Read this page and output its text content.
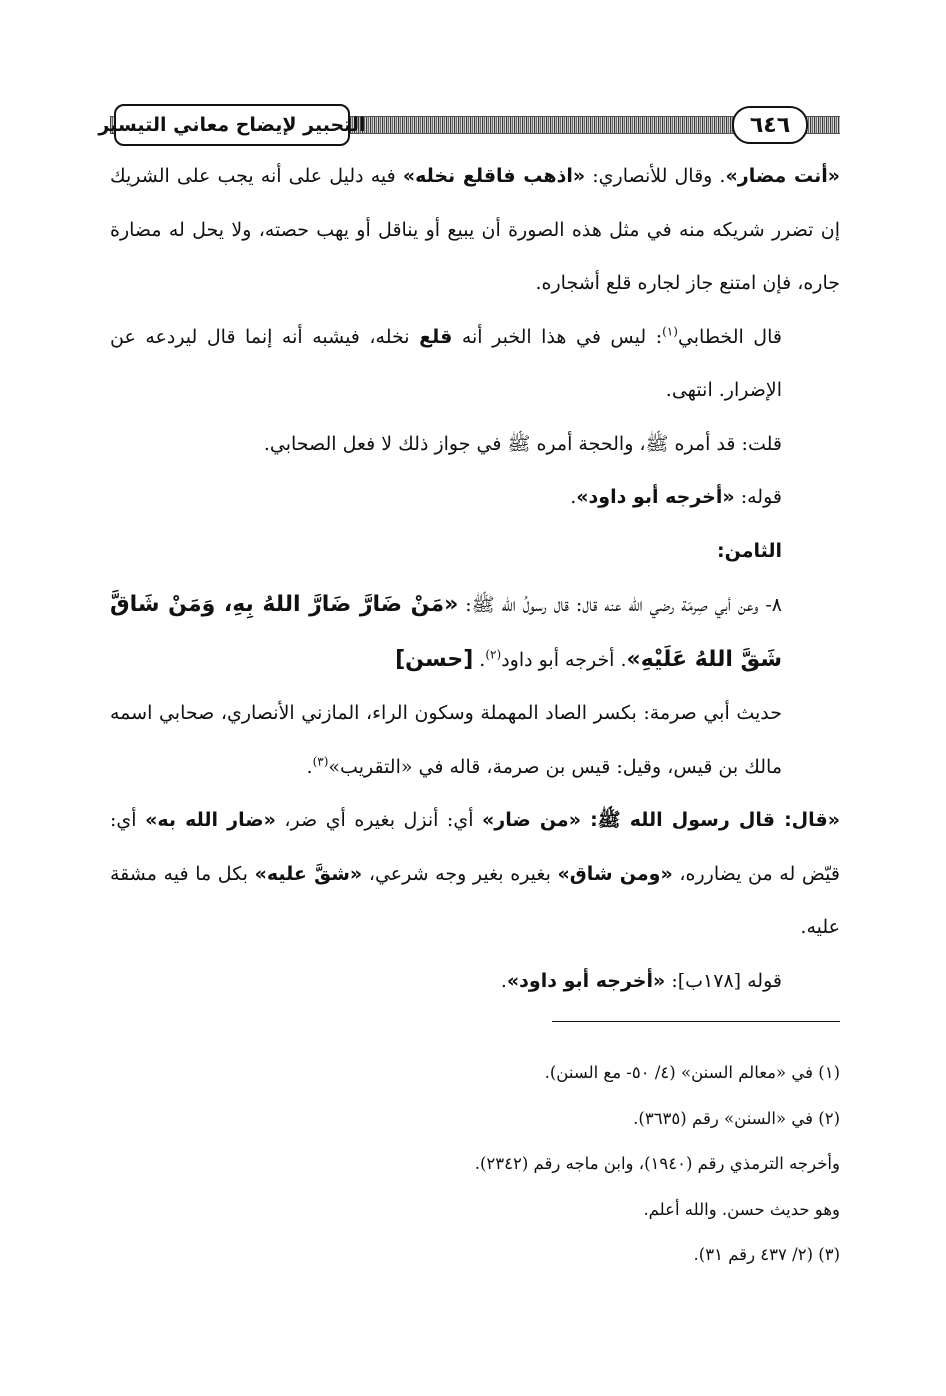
التحبير لإيضاح معاني التيسير	٦٤٦

«أنت مضار». وقال للأنصاري: «اذهب فاقلع نخله» فيه دليل على أنه يجب على الشريك إن تضرر شريكه منه في مثل هذه الصورة أن يبيع أو يناقل أو يهب حصته، ولا يحل له مضارة جاره، فإن امتنع جاز لجاره قلع أشجاره.

قال الخطابي$^{(١)}$: ليس في هذا الخبر أنه قلع نخله، فيشبه أنه إنما قال ليردعه عن الإضرار. انتهى.

قلت: قد أمره ﷺ، والحجة أمره ﷺ في جواز ذلك لا فعل الصحابي.

قوله: «أخرجه أبو داود».

الثامن:

٨- وعن أبي صِرمَة رضي الله عنه قال: قال رسولُ الله ﷺ: «مَنْ ضَارَّ ضَارَّ اللهُ بِهِ، وَمَنْ شَاقَّ شَقَّ اللهُ عَلَيْهِ». أخرجه أبو داود$^{(٢)}$. [حسن]

حديث أبي صرمة: بكسر الصاد المهملة وسكون الراء، المازني الأنصاري، صحابي اسمه مالك بن قيس، وقيل: قيس بن صرمة، قاله في «التقريب»$^{(٣)}$.

«قال: قال رسول الله ﷺ: «من ضار» أي: أنزل بغيره أي ضر، «ضار الله به» أي: قيّض له من يضارره، «ومن شاق» بغيره بغير وجه شرعي، «شقَّ عليه» بكل ما فيه مشقة عليه.

قوله [١٧٨ب]: «أخرجه أبو داود».

(١) في «معالم السنن» (٤/ ٥٠- مع السنن).

(٢) في «السنن» رقم (٣٦٣٥).

وأخرجه الترمذي رقم (١٩٤٠)، وابن ماجه رقم (٢٣٤٢).

وهو حديث حسن. والله أعلم.

(٣) (٢/ ٤٣٧ رقم ٣١).
